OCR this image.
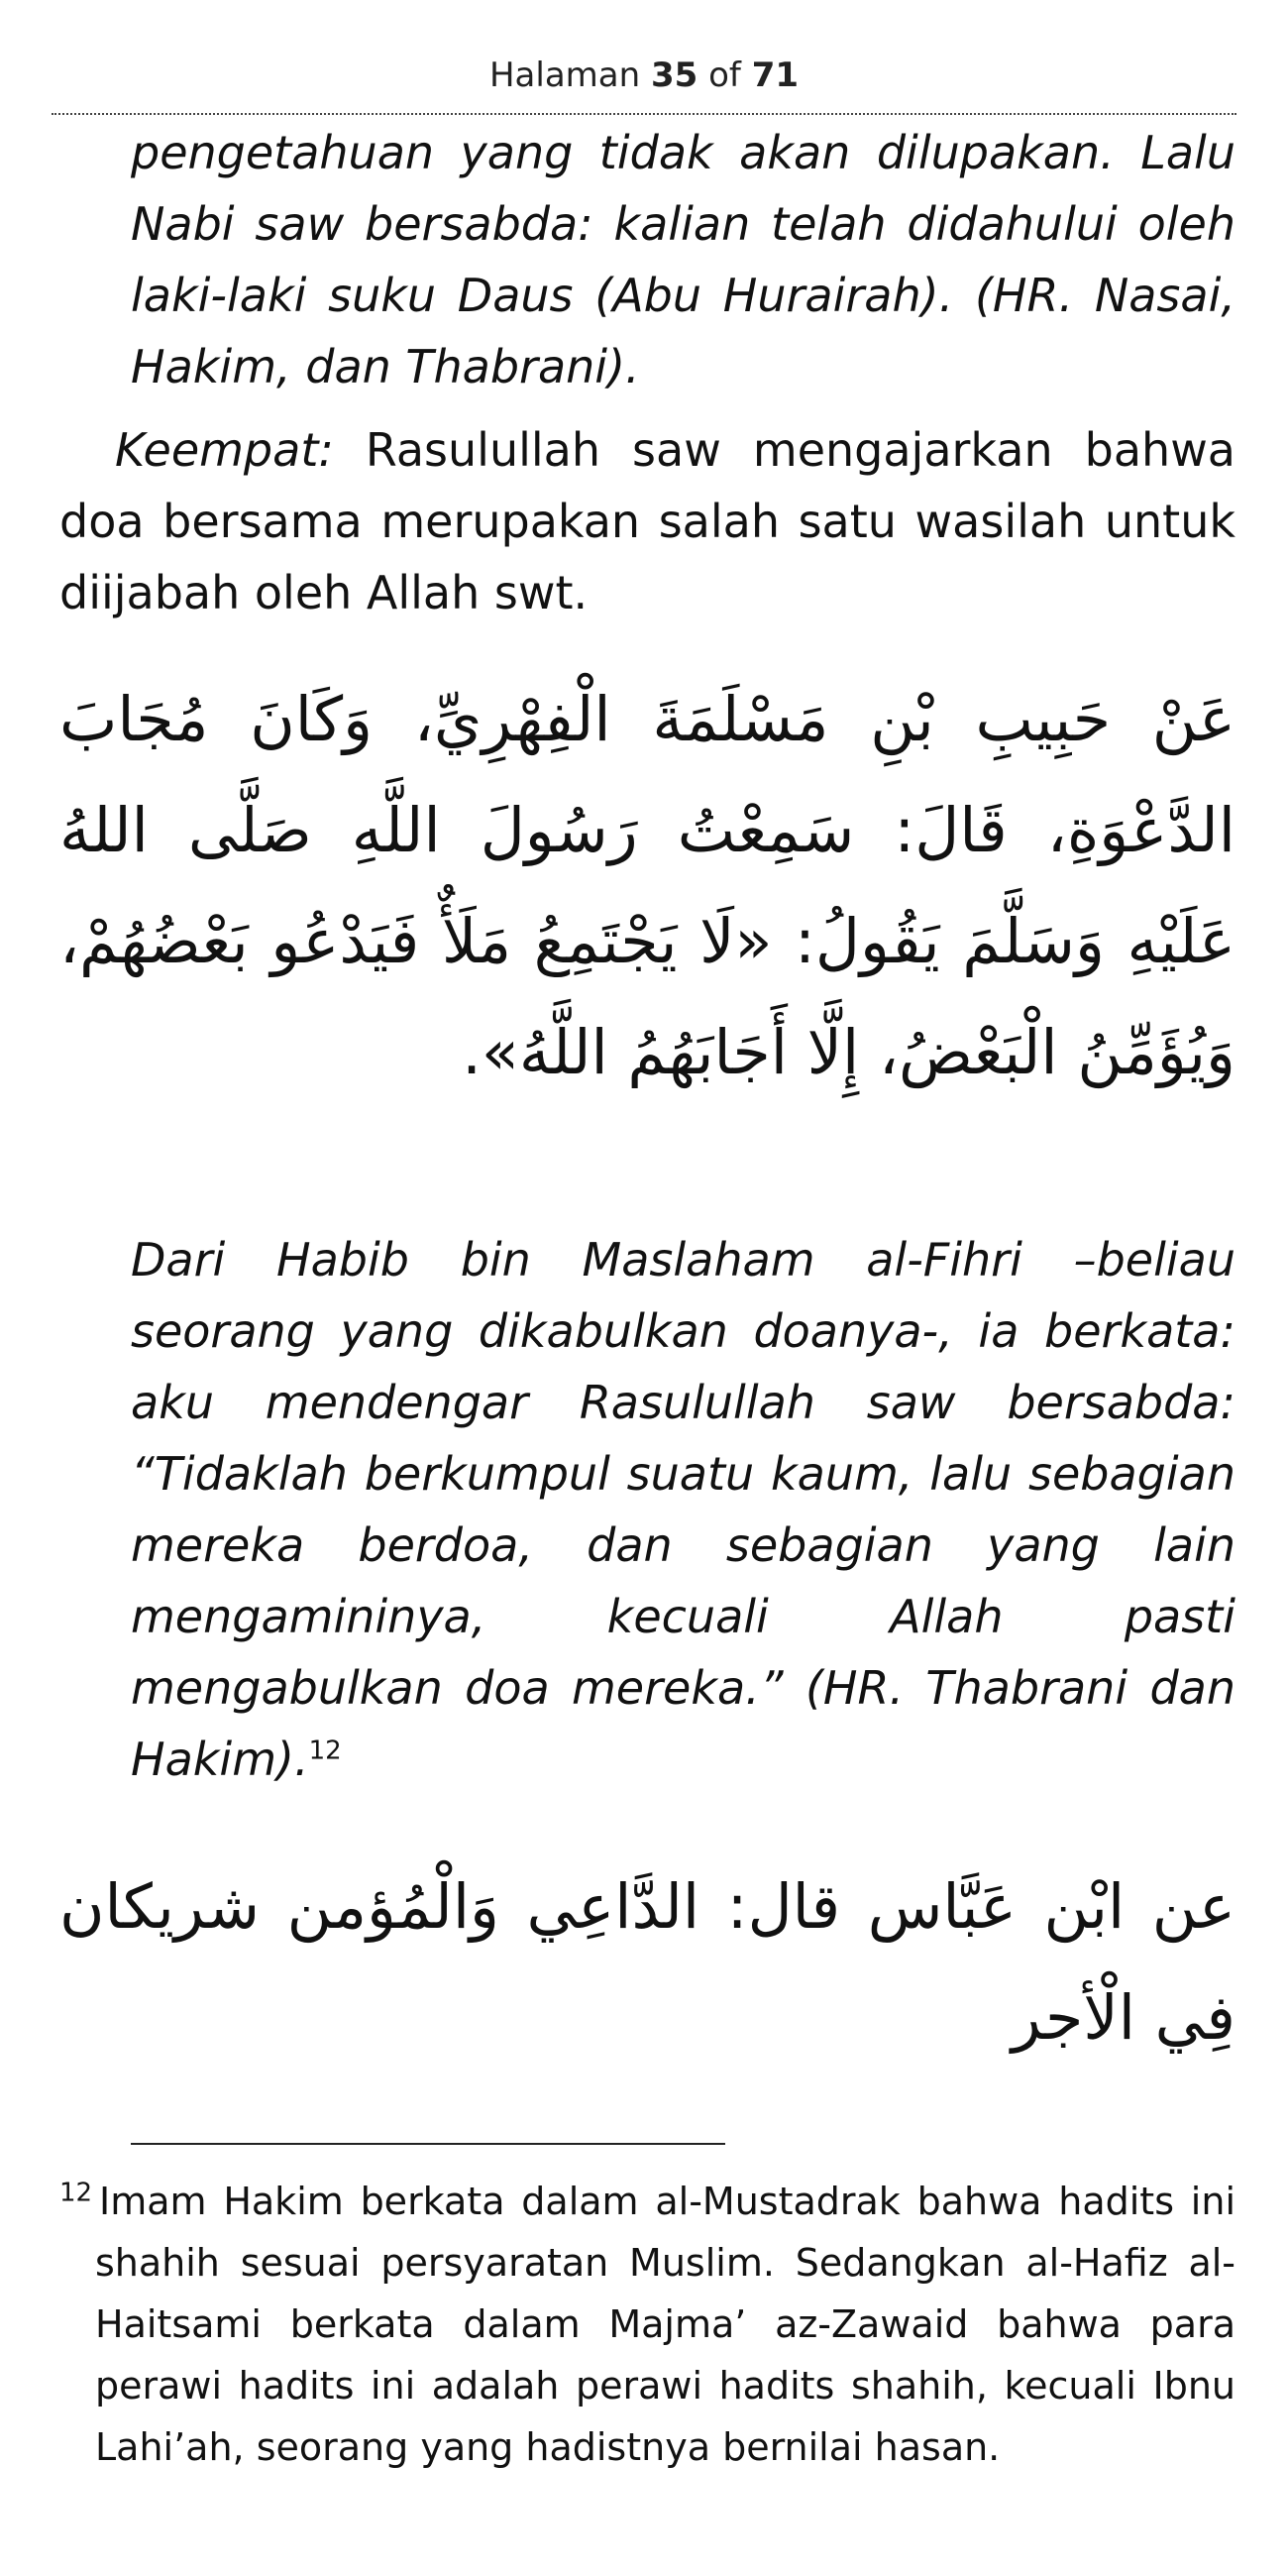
Halaman 35 of 71
pengetahuan yang tidak akan dilupakan. Lalu Nabi saw bersabda: kalian telah didahului oleh laki-laki suku Daus (Abu Hurairah). (HR. Nasai, Hakim, dan Thabrani).
Keempat: Rasulullah saw mengajarkan bahwa doa bersama merupakan salah satu wasilah untuk diijabah oleh Allah swt.
عَنْ حَبِيبِ بْنِ مَسْلَمَةَ الْفِهْرِيِّ، وَكَانَ مُجَابَ الدَّعْوَةِ، قَالَ: سَمِعْتُ رَسُولَ اللَّهِ صَلَّى اللهُ عَلَيْهِ وَسَلَّمَ يَقُولُ: «لَا يَجْتَمِعُ مَلَأٌ فَيَدْعُو بَعْضُهُمْ، وَيُؤَمِّنُ الْبَعْضُ، إِلَّا أَجَابَهُمُ اللَّهُ».
Dari Habib bin Maslaham al-Fihri –beliau seorang yang dikabulkan doanya-, ia berkata: aku mendengar Rasulullah saw bersabda: “Tidaklah berkumpul suatu kaum, lalu sebagian mereka berdoa, dan sebagian yang lain mengamininya, kecuali Allah pasti mengabulkan doa mereka.” (HR. Thabrani dan Hakim).$^{12}$
عن ابْن عَبَّاس قال: الدَّاعِي وَالْمُؤمن شريكان فِي الْأجر
$^{12}$ Imam Hakim berkata dalam al-Mustadrak bahwa hadits ini shahih sesuai persyaratan Muslim. Sedangkan al-Hafiz al-Haitsami berkata dalam Majma’ az-Zawaid bahwa para perawi hadits ini adalah perawi hadits shahih, kecuali Ibnu Lahi’ah, seorang yang hadistnya bernilai hasan.
